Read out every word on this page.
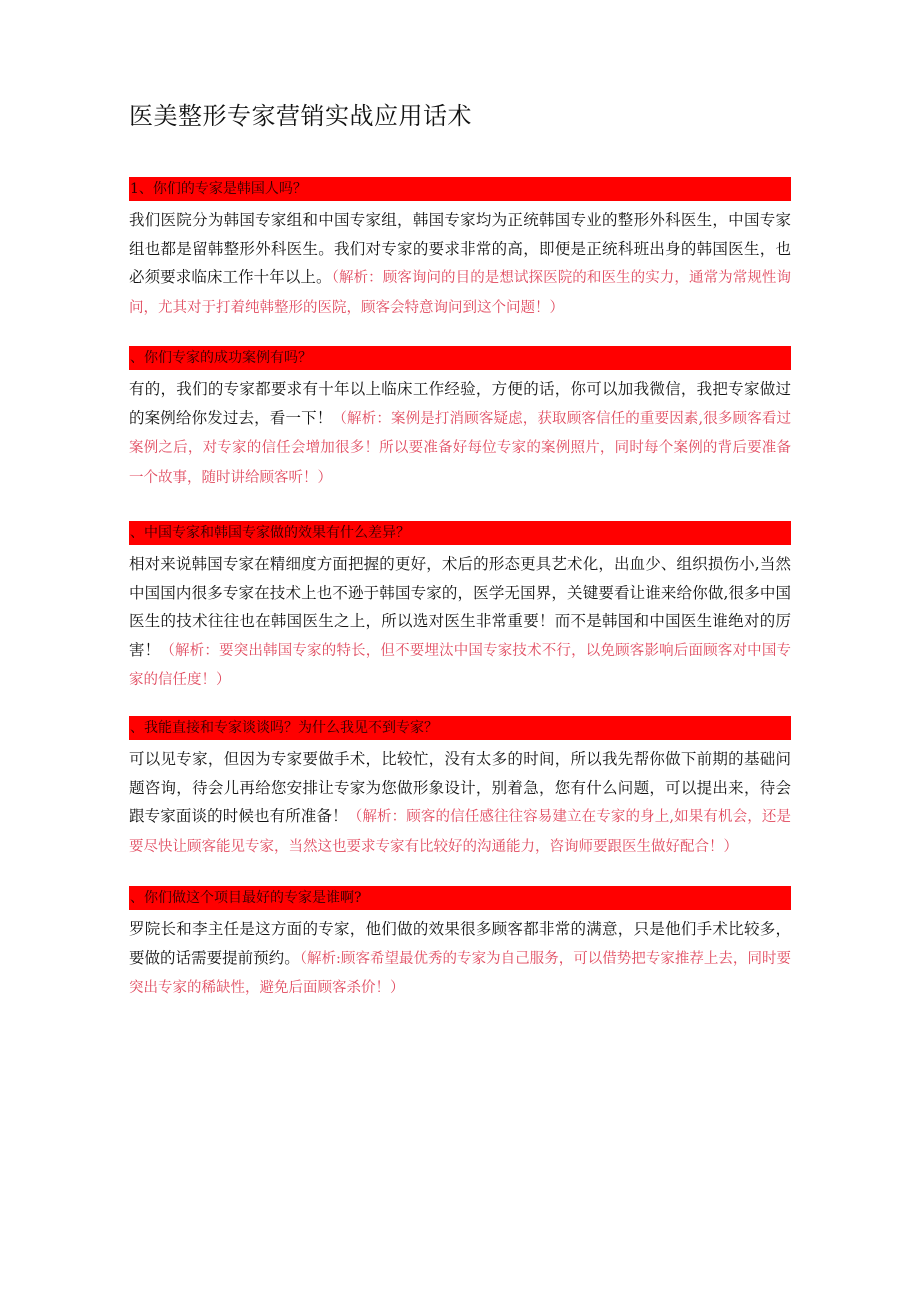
医美整形专家营销实战应用话术
1、你们的专家是韩国人吗？
我们医院分为韩国专家组和中国专家组，韩国专家均为正统韩国专业的整形外科医生，中国专家组也都是留韩整形外科医生。我们对专家的要求非常的高，即便是正统科班出身的韩国医生，也必须要求临床工作十年以上。（解析：顾客询问的目的是想试探医院的和医生的实力，通常为常规性询问，尤其对于打着纯韩整形的医院，顾客会特意询问到这个问题！）
、你们专家的成功案例有吗？
有的，我们的专家都要求有十年以上临床工作经验，方便的话，你可以加我微信，我把专家做过的案例给你发过去，看一下！（解析：案例是打消顾客疑虑，获取顾客信任的重要因素,很多顾客看过案例之后，对专家的信任会增加很多！所以要准备好每位专家的案例照片，同时每个案例的背后要准备一个故事，随时讲给顾客听！）
、中国专家和韩国专家做的效果有什么差异？
相对来说韩国专家在精细度方面把握的更好，术后的形态更具艺术化，出血少、组织损伤小,当然中国国内很多专家在技术上也不逊于韩国专家的，医学无国界，关键要看让谁来给你做,很多中国医生的技术往往也在韩国医生之上，所以选对医生非常重要！而不是韩国和中国医生谁绝对的厉害！（解析：要突出韩国专家的特长，但不要埋汰中国专家技术不行，以免顾客影响后面顾客对中国专家的信任度！）
、我能直接和专家谈谈吗？为什么我见不到专家？
可以见专家，但因为专家要做手术，比较忙，没有太多的时间，所以我先帮你做下前期的基础问题咨询，待会儿再给您安排让专家为您做形象设计，别着急，您有什么问题，可以提出来，待会跟专家面谈的时候也有所准备！（解析：顾客的信任感往往容易建立在专家的身上,如果有机会，还是要尽快让顾客能见专家，当然这也要求专家有比较好的沟通能力，咨询师要跟医生做好配合！）
、你们做这个项目最好的专家是谁啊?
罗院长和李主任是这方面的专家，他们做的效果很多顾客都非常的满意，只是他们手术比较多，要做的话需要提前预约。（解析:顾客希望最优秀的专家为自己服务，可以借势把专家推荐上去，同时要突出专家的稀缺性，避免后面顾客杀价！）
